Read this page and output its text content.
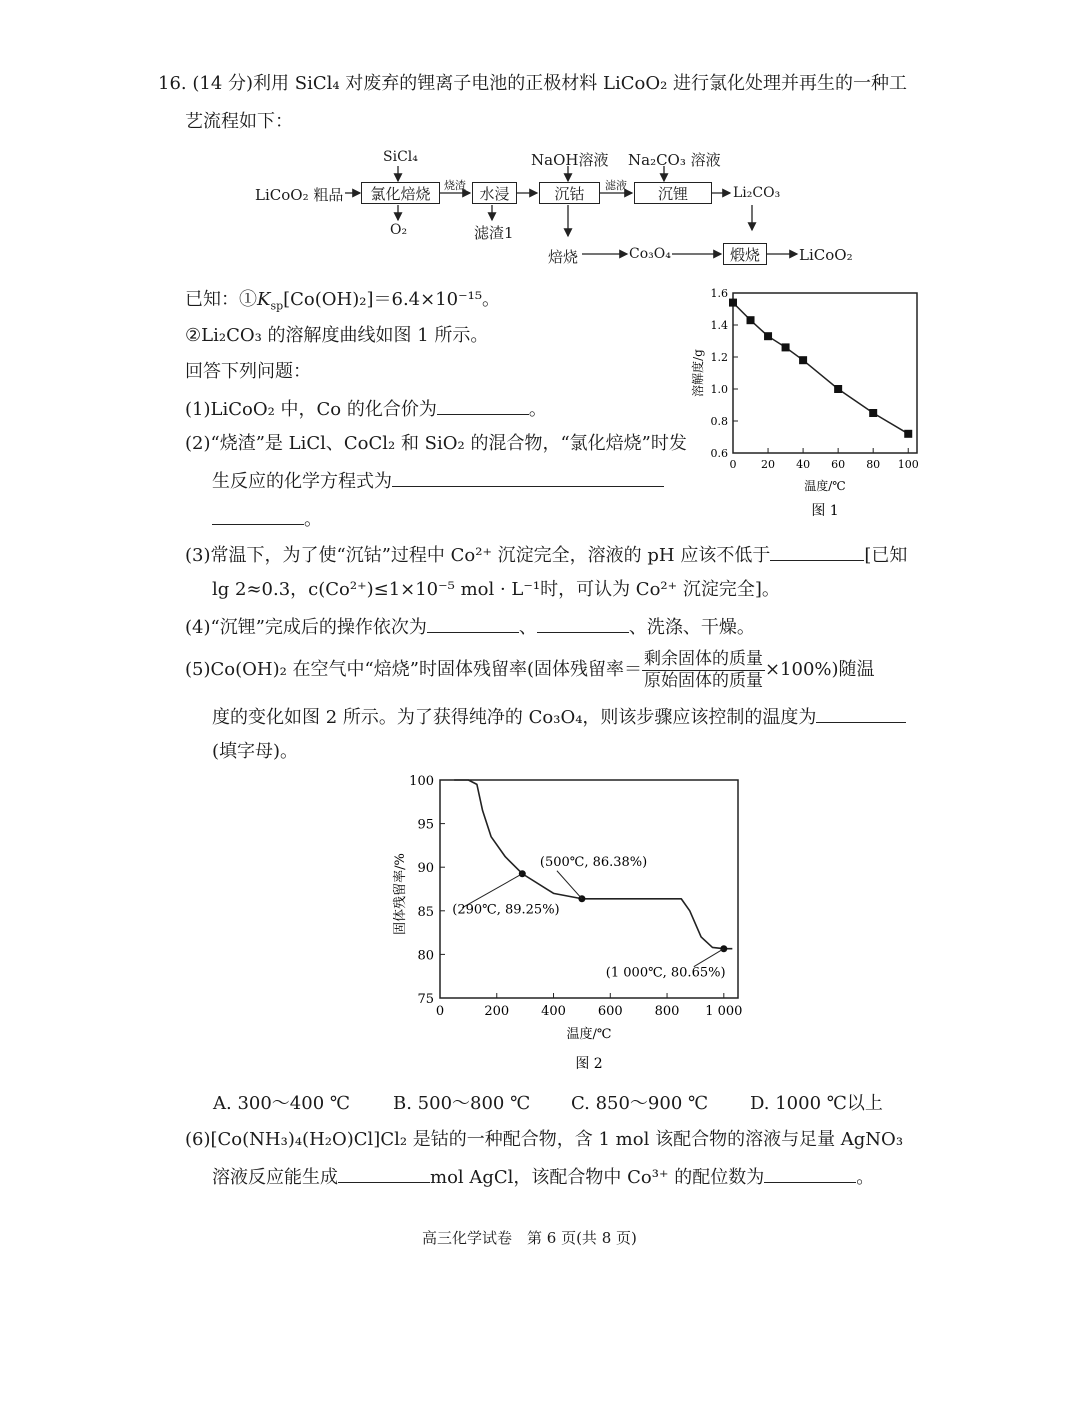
16. (14 分)利用 SiCl₄ 对废弃的锂离子电池的正极材料 LiCoO₂ 进行氯化处理并再生的一种工
艺流程如下：
LiCoO₂ 粗品
SiCl₄
氯化焙烧
O₂
烧渣 水浸
滤渣1
NaOH溶液
沉钴	滤液
Na₂CO₃ 溶液
沉锂	Li₂CO₃
焙烧	Co₃O₄	煅烧	LiCoO₂
已知：$①K_{sp}[Co(OH)_2]=6.4\times 10^{-15}$。
②Li₂CO₃ 的溶解度曲线如图 1 所示。
回答下列问题：
0.6
0.8
1.0
1.2
1.4
1.6
0 20 40 60 80 100
溶解度/g
温度/℃
图 1
(1)LiCoO₂ 中，Co 的化合价为	。
(2)“烧渣”是 LiCl、CoCl₂ 和 SiO₂ 的混合物，“氯化焙烧”时发
生反应的化学方程式为
。
(3)常温下，为了使“沉钴”过程中 Co²⁺ 沉淀完全，溶液的 pH 应该不低于	[已知
lg 2≈0.3，c(Co²⁺)≤1×10⁻⁵ mol · L⁻¹时，可认为 Co²⁺ 沉淀完全]。
(4)“沉锂”完成后的操作依次为	、	、洗涤、干燥。
(5)Co(OH)₂ 在空气中“焙烧”时固体残留率(固体残留率＝ $\frac{\text{剩余固体的质量}}{\text{原始固体的质量}} \times 100\%$)随温
度的变化如图 2 所示。为了获得纯净的 Co₃O₄，则该步骤应该控制的温度为
(填字母)。
75
80
85
90
95
100
0	200 400 600 800 1 000
(290℃, 89.25%)
(500℃, 86.38%)
(1 000℃, 80.65%)
固体残留率/%
温度/℃
图 2
A. 300～400 ℃ B. 500～800 ℃ C. 850～900 ℃ D. 1000 ℃以上
(6)[Co(NH₃)₄(H₂O)Cl]Cl₂ 是钴的一种配合物，含 1 mol 该配合物的溶液与足量 AgNO₃
溶液反应能生成	mol AgCl，该配合物中 Co³⁺ 的配位数为	。
高三化学试卷　第 6 页(共 8 页)
